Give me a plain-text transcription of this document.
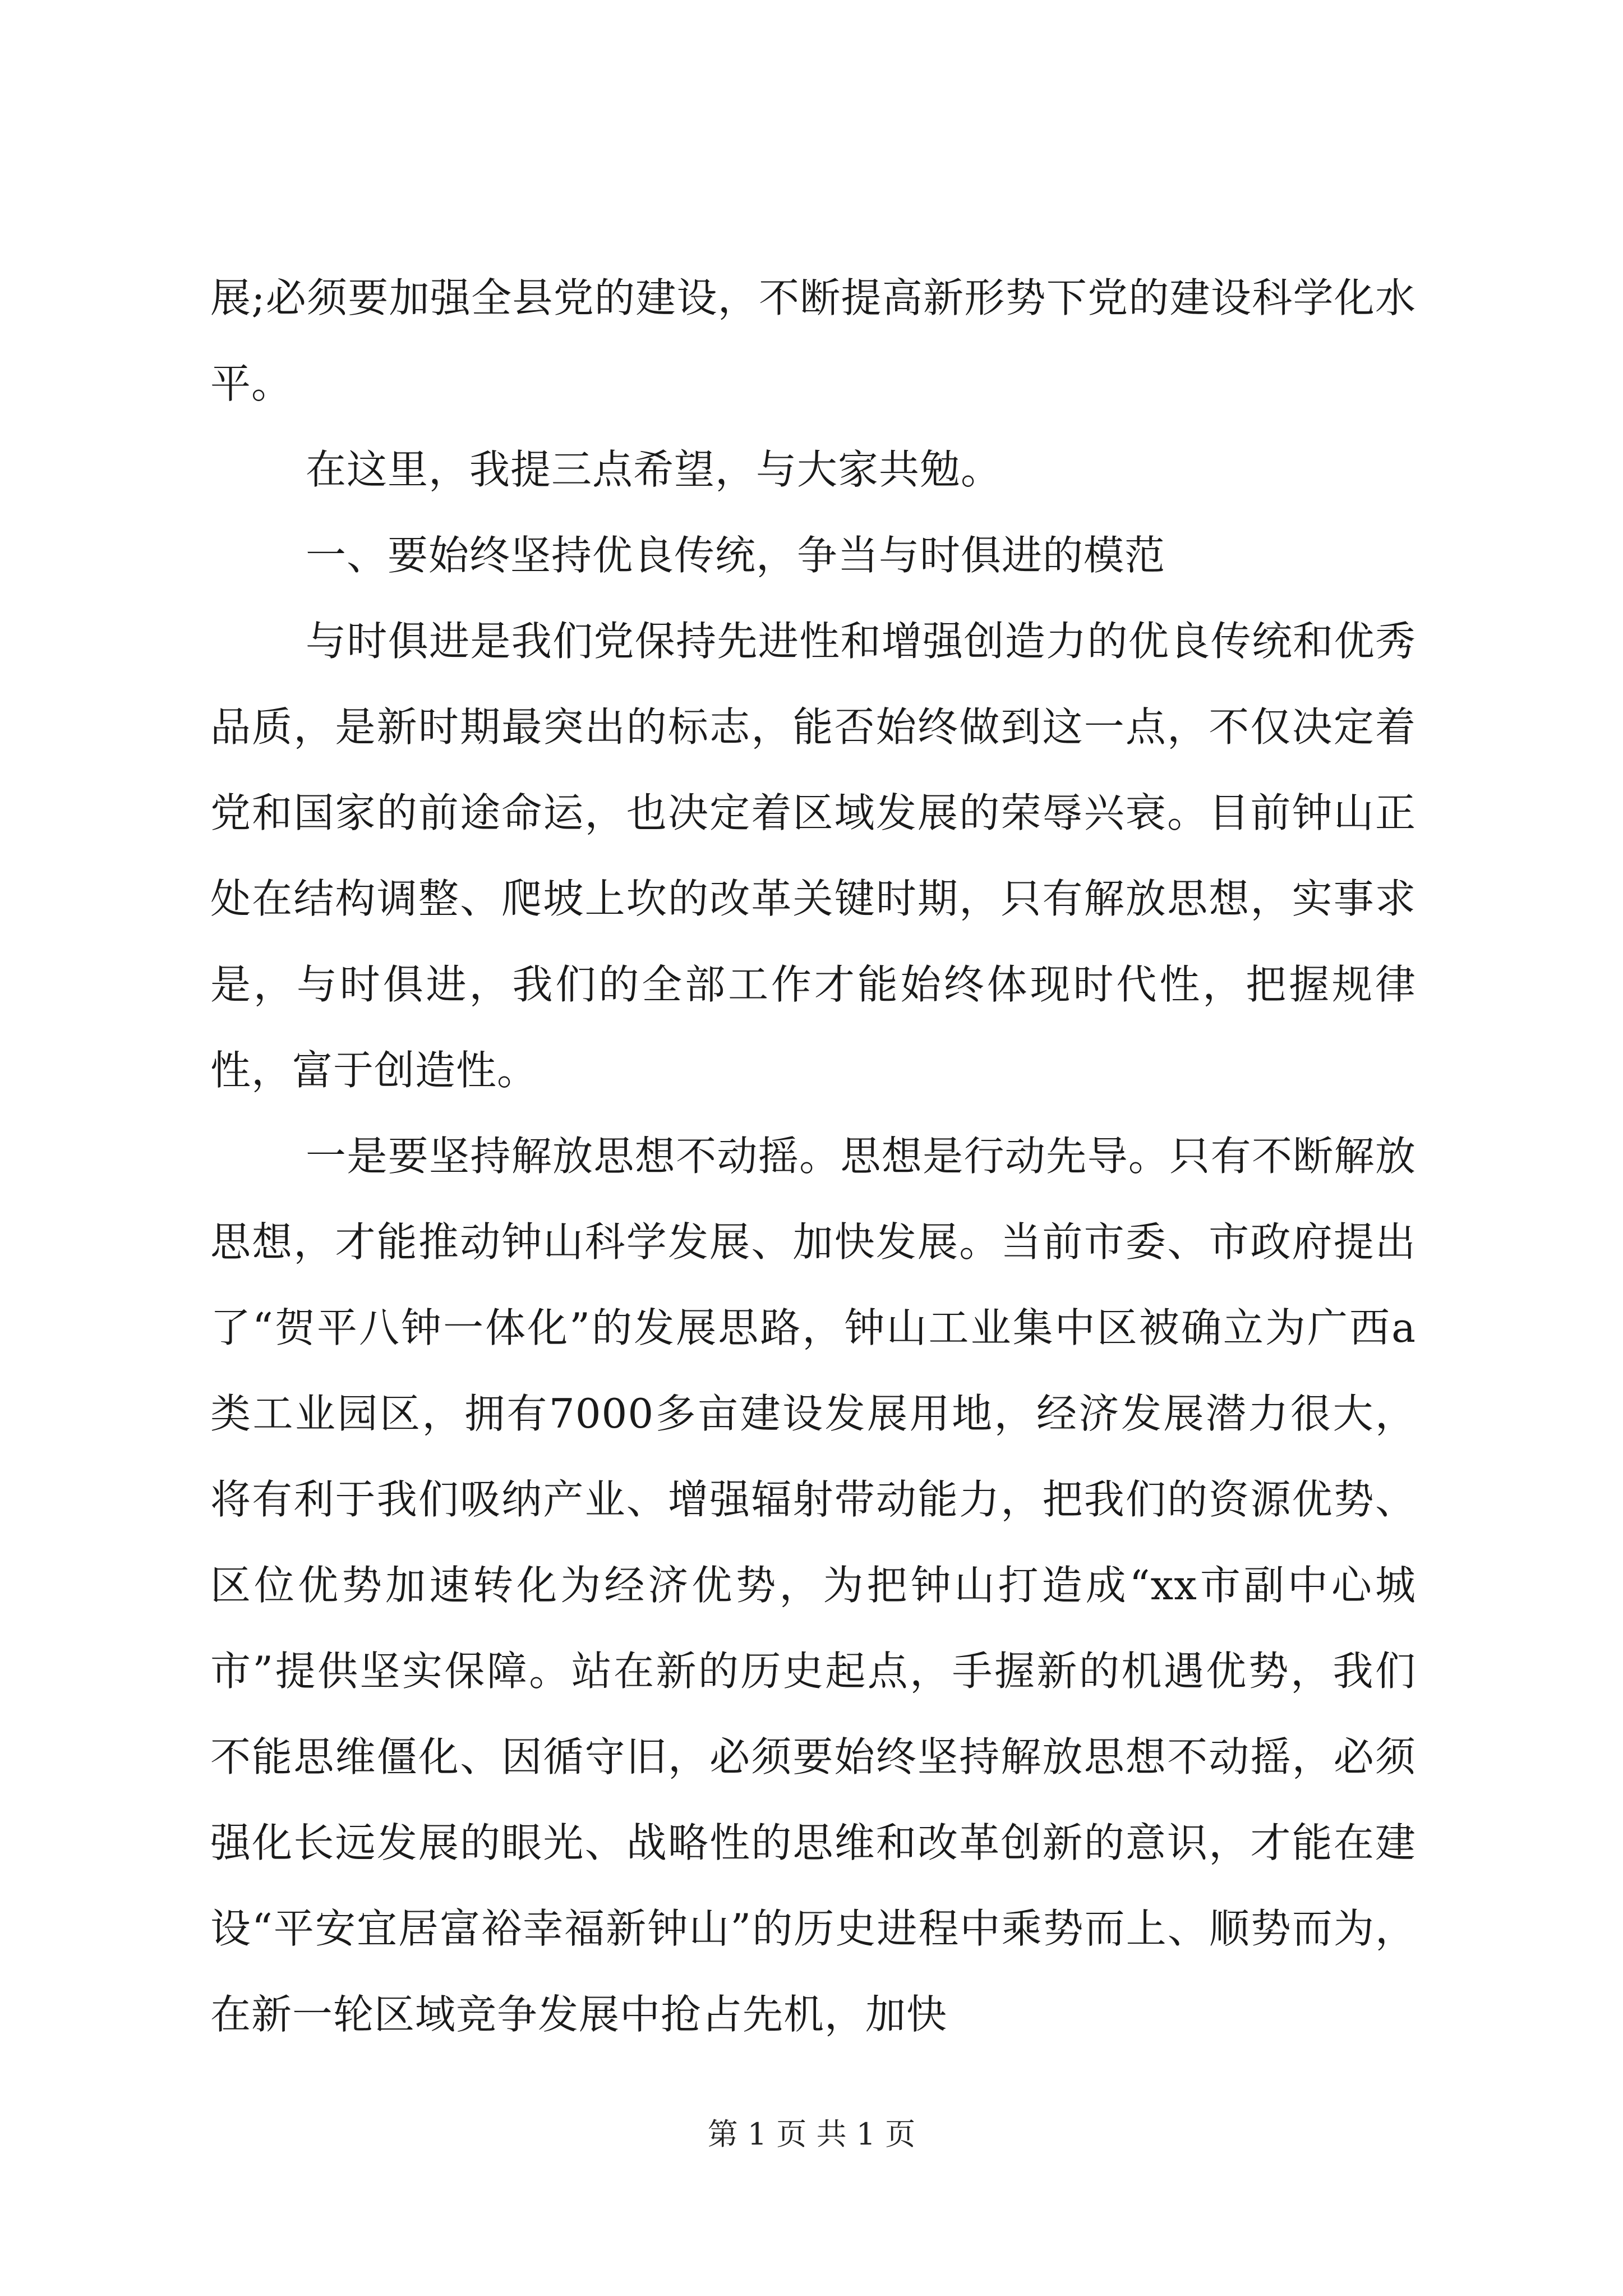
展;必须要加强全县党的建设，不断提高新形势下党的建设科学化水平。

在这里，我提三点希望，与大家共勉。

一、要始终坚持优良传统，争当与时俱进的模范

与时俱进是我们党保持先进性和增强创造力的优良传统和优秀品质，是新时期最突出的标志，能否始终做到这一点，不仅决定着党和国家的前途命运，也决定着区域发展的荣辱兴衰。目前钟山正处在结构调整、爬坡上坎的改革关键时期，只有解放思想，实事求是，与时俱进，我们的全部工作才能始终体现时代性，把握规律性，富于创造性。

一是要坚持解放思想不动摇。思想是行动先导。只有不断解放思想，才能推动钟山科学发展、加快发展。当前市委、市政府提出了“贺平八钟一体化”的发展思路，钟山工业集中区被确立为广西a类工业园区，拥有7000多亩建设发展用地，经济发展潜力很大，将有利于我们吸纳产业、增强辐射带动能力，把我们的资源优势、区位优势加速转化为经济优势，为把钟山打造成“xx市副中心城市”提供坚实保障。站在新的历史起点，手握新的机遇优势，我们不能思维僵化、因循守旧，必须要始终坚持解放思想不动摇，必须强化长远发展的眼光、战略性的思维和改革创新的意识，才能在建设“平安宜居富裕幸福新钟山”的历史进程中乘势而上、顺势而为，在新一轮区域竞争发展中抢占先机，加快

第 1 页 共 1 页
